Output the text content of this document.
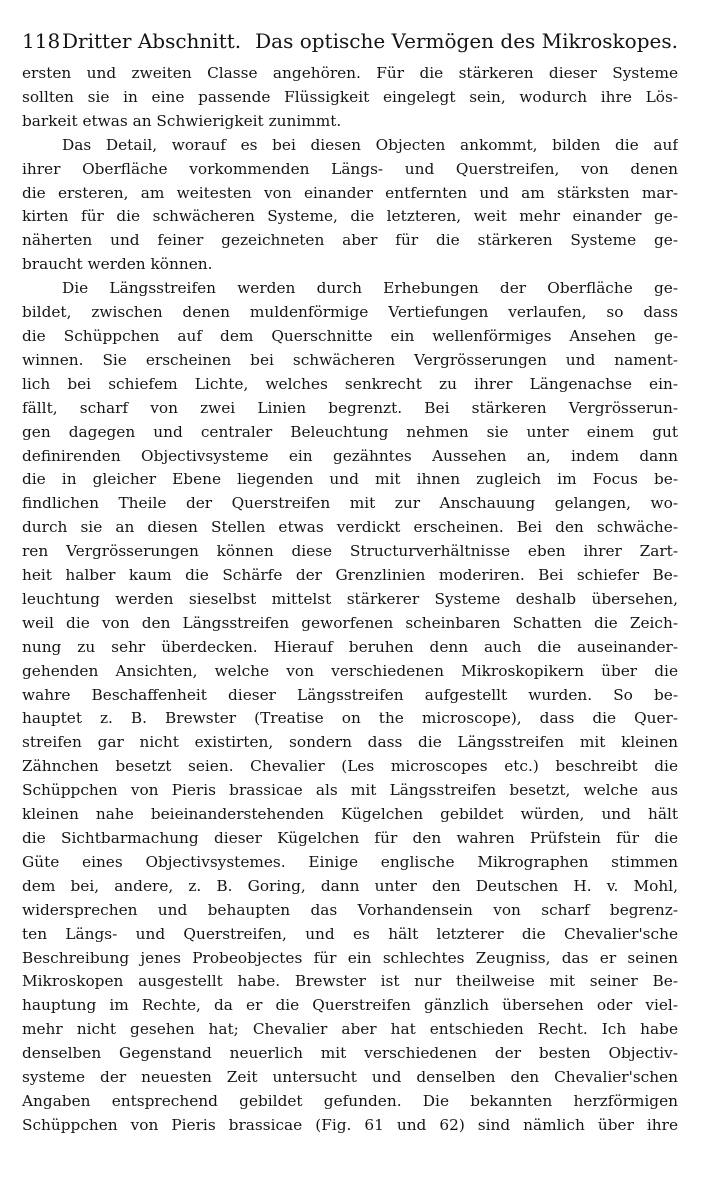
118 Dritter Abschnitt. Das optische Vermögen des Mikroskopes.
ersten und zweiten Classe angehören. Für die stärkeren dieser Systeme
sollten sie in eine passende Flüssigkeit eingelegt sein, wodurch ihre Lös-
barkeit etwas an Schwierigkeit zunimmt.
Das Detail, worauf es bei diesen Objecten ankommt, bilden die auf
ihrer Oberfläche vorkommenden Längs- und Querstreifen, von denen
die ersteren, am weitesten von einander entfernten und am stärksten mar-
kirten für die schwächeren Systeme, die letzteren, weit mehr einander ge-
näherten und feiner gezeichneten aber für die stärkeren Systeme ge-
braucht werden können.
Die Längsstreifen werden durch Erhebungen der Oberfläche ge-
bildet, zwischen denen muldenförmige Vertiefungen verlaufen, so dass
die Schüppchen auf dem Querschnitte ein wellenförmiges Ansehen ge-
winnen. Sie erscheinen bei schwächeren Vergrösserungen und nament-
lich bei schiefem Lichte, welches senkrecht zu ihrer Längenachse ein-
fällt, scharf von zwei Linien begrenzt. Bei stärkeren Vergrösserun-
gen dagegen und centraler Beleuchtung nehmen sie unter einem gut
definirenden Objectivsysteme ein gezähntes Aussehen an, indem dann
die in gleicher Ebene liegenden und mit ihnen zugleich im Focus be-
findlichen Theile der Querstreifen mit zur Anschauung gelangen, wo-
durch sie an diesen Stellen etwas verdickt erscheinen. Bei den schwäche-
ren Vergrösserungen können diese Structurverhältnisse eben ihrer Zart-
heit halber kaum die Schärfe der Grenzlinien moderiren. Bei schiefer Be-
leuchtung werden sieselbst mittelst stärkerer Systeme deshalb übersehen,
weil die von den Längsstreifen geworfenen scheinbaren Schatten die Zeich-
nung zu sehr überdecken. Hierauf beruhen denn auch die auseinander-
gehenden Ansichten, welche von verschiedenen Mikroskopikern über die
wahre Beschaffenheit dieser Längsstreifen aufgestellt wurden. So be-
hauptet z. B. Brewster (Treatise on the microscope), dass die Quer-
streifen gar nicht existirten, sondern dass die Längsstreifen mit kleinen
Zähnchen besetzt seien. Chevalier (Les microscopes etc.) beschreibt die
Schüppchen von Pieris brassicae als mit Längsstreifen besetzt, welche aus
kleinen nahe beieinanderstehenden Kügelchen gebildet würden, und hält
die Sichtbarmachung dieser Kügelchen für den wahren Prüfstein für die
Güte eines Objectivsystemes. Einige englische Mikrographen stimmen
dem bei, andere, z. B. Goring, dann unter den Deutschen H. v. Mohl,
widersprechen und behaupten das Vorhandensein von scharf begrenz-
ten Längs- und Querstreifen, und es hält letzterer die Chevalier'sche
Beschreibung jenes Probeobjectes für ein schlechtes Zeugniss, das er seinen
Mikroskopen ausgestellt habe. Brewster ist nur theilweise mit seiner Be-
hauptung im Rechte, da er die Querstreifen gänzlich übersehen oder viel-
mehr nicht gesehen hat; Chevalier aber hat entschieden Recht. Ich habe
denselben Gegenstand neuerlich mit verschiedenen der besten Objectiv-
systeme der neuesten Zeit untersucht und denselben den Chevalier'schen
Angaben entsprechend gebildet gefunden. Die bekannten herzförmigen
Schüppchen von Pieris brassicae (Fig. 61 und 62) sind nämlich über ihre
